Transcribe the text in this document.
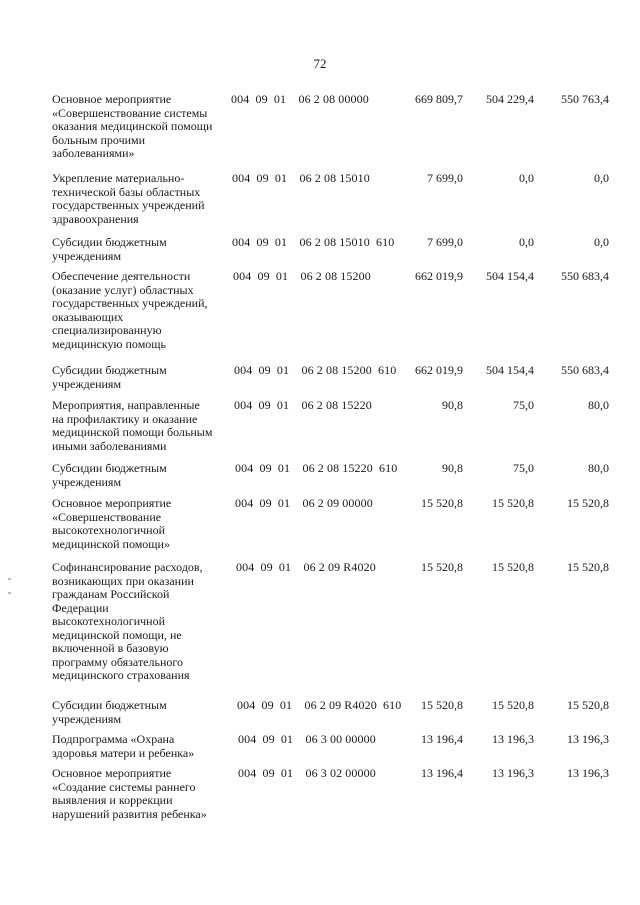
72
Основное мероприятие
«Совершенствование системы
оказания медицинской помощи
больным прочими
заболеваниями»
004  09  01    06 2 08 00000	669 809,7	504 229,4	550 763,4
Укрепление материально-
технической базы областных
государственных учреждений
здравоохранения
004  09  01    06 2 08 15010	7 699,0	0,0	0,0
Субсидии бюджетным
учреждениям
004  09  01    06 2 08 15010  610	7 699,0	0,0	0,0
Обеспечение деятельности
(оказание услуг) областных
государственных учреждений,
оказывающих
специализированную
медицинскую помощь
004  09  01    06 2 08 15200	662 019,9	504 154,4	550 683,4
Субсидии бюджетным
учреждениям
004  09  01    06 2 08 15200  610	662 019,9	504 154,4	550 683,4
Мероприятия, направленные
на профилактику и оказание
медицинской помощи больным
иными заболеваниями
004  09  01    06 2 08 15220	90,8	75,0	80,0
Субсидии бюджетным
учреждениям
004  09  01    06 2 08 15220  610	90,8	75,0	80,0
Основное мероприятие
«Совершенствование
высокотехнологичной
медицинской помощи»
004  09  01    06 2 09 00000	15 520,8	15 520,8	15 520,8
Софинансирование расходов,
возникающих при оказании
гражданам Российской
Федерации
высокотехнологичной
медицинской помощи, не
включенной в базовую
программу обязательного
медицинского страхования
004  09  01    06 2 09 R4020	15 520,8	15 520,8	15 520,8
Субсидии бюджетным
учреждениям
004  09  01    06 2 09 R4020  610	15 520,8	15 520,8	15 520,8
Подпрограмма «Охрана
здоровья матери и ребенка»
004  09  01    06 3 00 00000	13 196,4	13 196,3	13 196,3
Основное мероприятие
«Создание системы раннего
выявления и коррекции
нарушений развития ребенка»
004  09  01    06 3 02 00000	13 196,4	13 196,3	13 196,3
